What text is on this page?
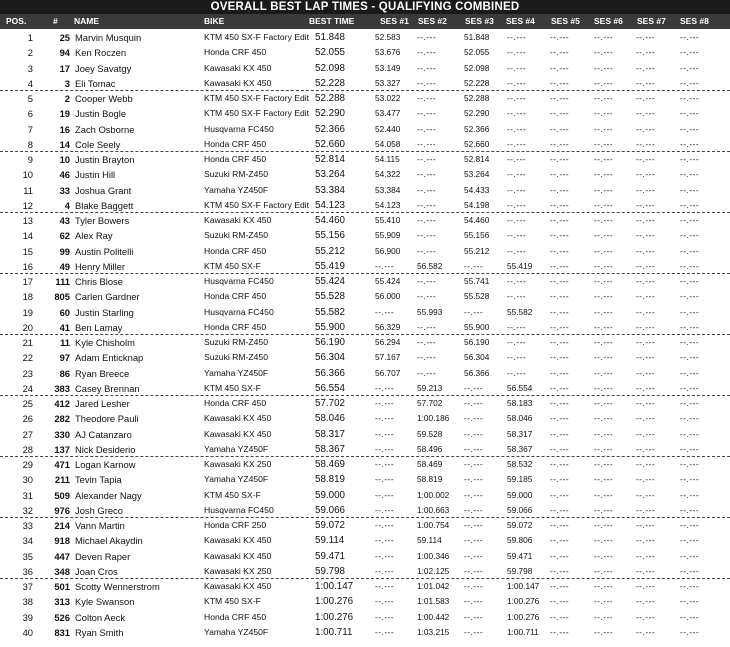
OVERALL BEST LAP TIMES - QUALIFYING COMBINED
POS.	# NAME	BIKE	BEST TIME	SES #1 SES #2 SES #3 SES #4 SES #5 SES #6 SES #7 SES #8
1	25 Marvin Musquin	KTM 450 SX-F Factory Edit 51.848	52.583 --.---	51.848 --.---	--.---	--.---	--.---	--.---
2	94 Ken Roczen	Honda CRF 450	52.055	53.676 --.---	52.055 --.---	--.---	--.---	--.---	--.---
3	17 Joey Savatgy	Kawasaki KX 450	52.098	53.149 --.---	52.098 --.---	--.---	--.---	--.---	--.---
4	3 Eli Tomac	Kawasaki KX 450	52.228	53.327 --.---	52.228 --.---	--.---	--.---	--.---	--.---
5	2 Cooper Webb	KTM 450 SX-F Factory Edit 52.288	53.022 --.---	52.288 --.---	--.---	--.---	--.---	--.---
6	19 Justin Bogle	KTM 450 SX-F Factory Edit 52.290	53.477 --.---	52.290 --.---	--.---	--.---	--.---	--.---
7	16 Zach Osborne	Husqvarna FC450	52.366	52.440 --.---	52.366 --.---	--.---	--.---	--.---	--.---
8	14 Cole Seely	Honda CRF 450	52.660	54.058 --.---	52.660 --.---	--.---	--.---	--.---	--.---
9	10 Justin Brayton	Honda CRF 450	52.814	54.115 --.---	52.814 --.---	--.---	--.---	--.---	--.---
10	46 Justin Hill	Suzuki RM-Z450	53.264	54.322 --.---	53.264 --.---	--.---	--.---	--.---	--.---
11	33 Joshua Grant	Yamaha YZ450F	53.384	53.384 --.---	54.433 --.---	--.---	--.---	--.---	--.---
12	4 Blake Baggett	KTM 450 SX-F Factory Edit 54.123	54.123 --.---	54.198 --.---	--.---	--.---	--.---	--.---
13	43 Tyler Bowers	Kawasaki KX 450	54.460	55.410 --.---	54.460 --.---	--.---	--.---	--.---	--.---
14	62 Alex Ray	Suzuki RM-Z450	55.156	55.909 --.---	55.156 --.---	--.---	--.---	--.---	--.---
15	99 Austin Politelli	Honda CRF 450	55.212	56.900 --.---	55.212 --.---	--.---	--.---	--.---	--.---
16	49 Henry Miller	KTM 450 SX-F	55.419	--.---	56.582	--.---	55.419 --.---	--.---	--.---	--.---
17	111 Chris Blose	Husqvarna FC450	55.424	55.424 --.---	55.741 --.---	--.---	--.---	--.---	--.---
18	805 Carlen Gardner	Honda CRF 450	55.528	56.000 --.---	55.528 --.---	--.---	--.---	--.---	--.---
19	60 Justin Starling	Husqvarna FC450	55.582	--.---	55.993	--.---	55.582 --.---	--.---	--.---	--.---
20	41 Ben Lamay	Honda CRF 450	55.900	56.329 --.---	55.900 --.---	--.---	--.---	--.---	--.---
21	11 Kyle Chisholm	Suzuki RM-Z450	56.190	56.294 --.---	56.190 --.---	--.---	--.---	--.---	--.---
22	97 Adam Enticknap	Suzuki RM-Z450	56.304	57.167 --.---	56.304 --.---	--.---	--.---	--.---	--.---
23	86 Ryan Breece	Yamaha YZ450F	56.366	56.707 --.---	56.366 --.---	--.---	--.---	--.---	--.---
24	383 Casey Brennan	KTM 450 SX-F	56.554	--.---	59.213	--.---	56.554 --.---	--.---	--.---	--.---
25	412 Jared Lesher	Honda CRF 450	57.702	--.---	57.702	--.---	58.183 --.---	--.---	--.---	--.---
26	282 Theodore Pauli	Kawasaki KX 450	58.046	--.---	1:00.186 --.---	58.046 --.---	--.---	--.---	--.---
27	330 AJ Catanzaro	Kawasaki KX 450	58.317	--.---	59.528	--.---	58.317 --.---	--.---	--.---	--.---
28	137 Nick Desiderio	Yamaha YZ450F	58.367	--.---	58.496	--.---	58.367 --.---	--.---	--.---	--.---
29	471 Logan Karnow	Kawasaki KX 250	58.469	--.---	58.469	--.---	58.532 --.---	--.---	--.---	--.---
30	211 Tevin Tapia	Yamaha YZ450F	58.819	--.---	58.819	--.---	59.185 --.---	--.---	--.---	--.---
31	509 Alexander Nagy	KTM 450 SX-F	59.000	--.---	1:00.002 --.---	59.000 --.---	--.---	--.---	--.---
32	976 Josh Greco	Husqvarna FC450	59.066	--.---	1:00.663 --.---	59.066 --.---	--.---	--.---	--.---
33	214 Vann Martin	Honda CRF 250	59.072	--.---	1:00.754 --.---	59.072 --.---	--.---	--.---	--.---
34	918 Michael Akaydin	Kawasaki KX 450	59.114	--.---	59.114	--.---	59.806 --.---	--.---	--.---	--.---
35	447 Deven Raper	Kawasaki KX 450	59.471	--.---	1:00.346 --.---	59.471 --.---	--.---	--.---	--.---
36	348 Joan Cros	Kawasaki KX 250	59.798	--.---	1:02.125 --.---	59.798 --.---	--.---	--.---	--.---
37	501 Scotty Wennerstrom	Kawasaki KX 450	1:00.147	--.---	1:01.042 --.---	1:00.147 --.---	--.---	--.---	--.---
38	313 Kyle Swanson	KTM 450 SX-F	1:00.276	--.---	1:01.583 --.---	1:00.276 --.---	--.---	--.---	--.---
39	526 Colton Aeck	Honda CRF 450	1:00.276	--.---	1:00.442 --.---	1:00.276 --.---	--.---	--.---	--.---
40	831 Ryan Smith	Yamaha YZ450F	1:00.711	--.---	1:03.215 --.---	1:00.711 --.---	--.---	--.---	--.---
